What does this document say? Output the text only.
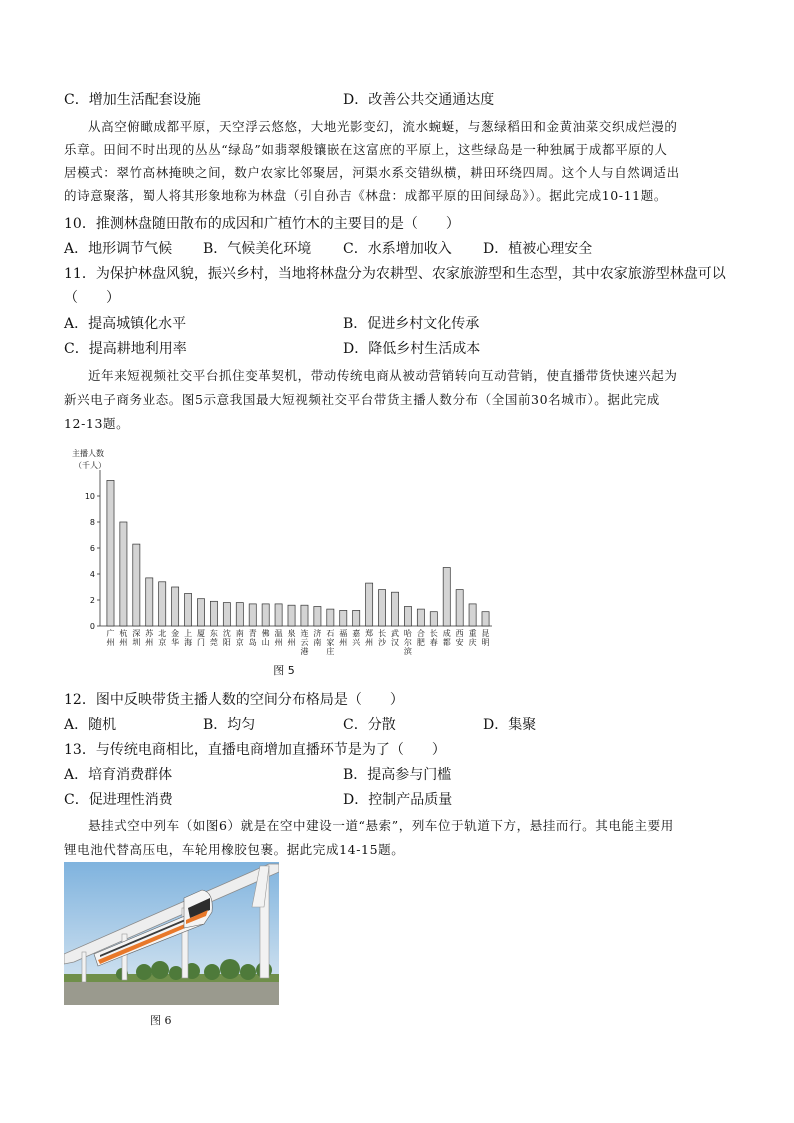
C．增加生活配套设施	D．改善公共交通通达度
从高空俯瞰成都平原，天空浮云悠悠，大地光影变幻，流水蜿蜒，与葱绿稻田和金黄油菜交织成烂漫的
乐章。田间不时出现的丛丛“绿岛”如翡翠般镶嵌在这富庶的平原上，这些绿岛是一种独属于成都平原的人
居模式：翠竹高林掩映之间，数户农家比邻聚居，河渠水系交错纵横，耕田环绕四周。这个人与自然调适出
的诗意聚落，蜀人将其形象地称为林盘（引自孙吉《林盘：成都平原的田间绿岛》）。据此完成10-11题。
10．推测林盘随田散布的成因和广植竹木的主要目的是（　　）
A．地形调节气候 B．气候美化环境 C．水系增加收入 D．植被心理安全
11．为保护林盘风貌，振兴乡村，当地将林盘分为农耕型、农家旅游型和生态型，其中农家旅游型林盘可以
（　　）
A．提高城镇化水平	B．促进乡村文化传承
C．提高耕地利用率	D．降低乡村生活成本
近年来短视频社交平台抓住变革契机，带动传统电商从被动营销转向互动营销，使直播带货快速兴起为
新兴电子商务业态。图5示意我国最大短视频社交平台带货主播人数分布（全国前30名城市）。据此完成
12-13题。
主播人数
（千人）
0
2
4
6
8
10
广
州
杭
州
深
圳
苏
州
北
京
金
华
上
海
厦
门
东
莞
沈
阳
南
京
青
岛
佛
山
温
州
泉
州
连
云
港
济
南
石
家
庄
福
州
嘉
兴
郑
州
长
沙
武
汉
哈
尔
滨
合
肥
长
春
成
都
西
安
重
庆
昆
明
图 5
12．图中反映带货主播人数的空间分布格局是（　　）
A．随机	B．均匀	C．分散	D．集聚
13．与传统电商相比，直播电商增加直播环节是为了（　　）
A．培育消费群体	B．提高参与门槛
C．促进理性消费	D．控制产品质量
悬挂式空中列车（如图6）就是在空中建设一道“悬索”，列车位于轨道下方，悬挂而行。其电能主要用
锂电池代替高压电，车轮用橡胶包裹。据此完成14-15题。
图 6
